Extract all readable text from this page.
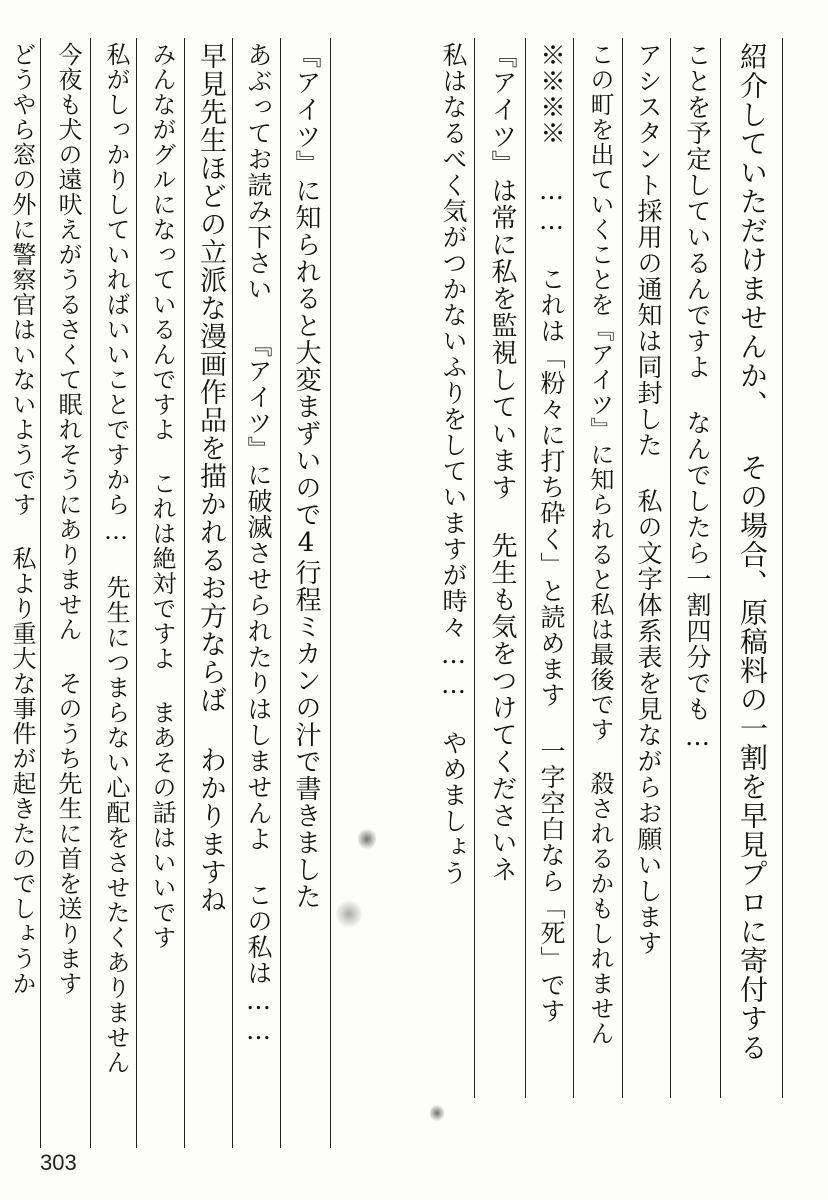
紹介していただけませんか、 その場合、原稿料の一割を早見プロに寄付する
ことを予定しているんですよ なんでしたら一割四分でも…
アシスタント採用の通知は同封した 私の文字体系表を見ながらお願いします
この町を出ていくことを『アイツ』に知られると私は最後です 殺されるかもしれません
※※※※ …… これは「粉々に打ち砕く」と読めます 一字空白なら「死」です
『アイツ』は常に私を監視しています 先生も気をつけてくださいネ
私はなるべく気がつかないふりをしていますが時々…… やめましょう
『アイツ』に知られると大変まずいので4行程ミカンの汁で書きました
あぶってお読み下さい 『アイツ』に破滅させられたりはしませんよ この私は……
早見先生ほどの立派な漫画作品を描かれるお方ならば わかりますね
みんながグルになっているんですよ これは絶対ですよ まあその話はいいです
私がしっかりしていればいいことですから… 先生につまらない心配をさせたくありません
今夜も犬の遠吠えがうるさくて眠れそうにありません そのうち先生に首を送ります
どうやら窓の外に警察官はいないようです 私より重大な事件が起きたのでしょうか
303
